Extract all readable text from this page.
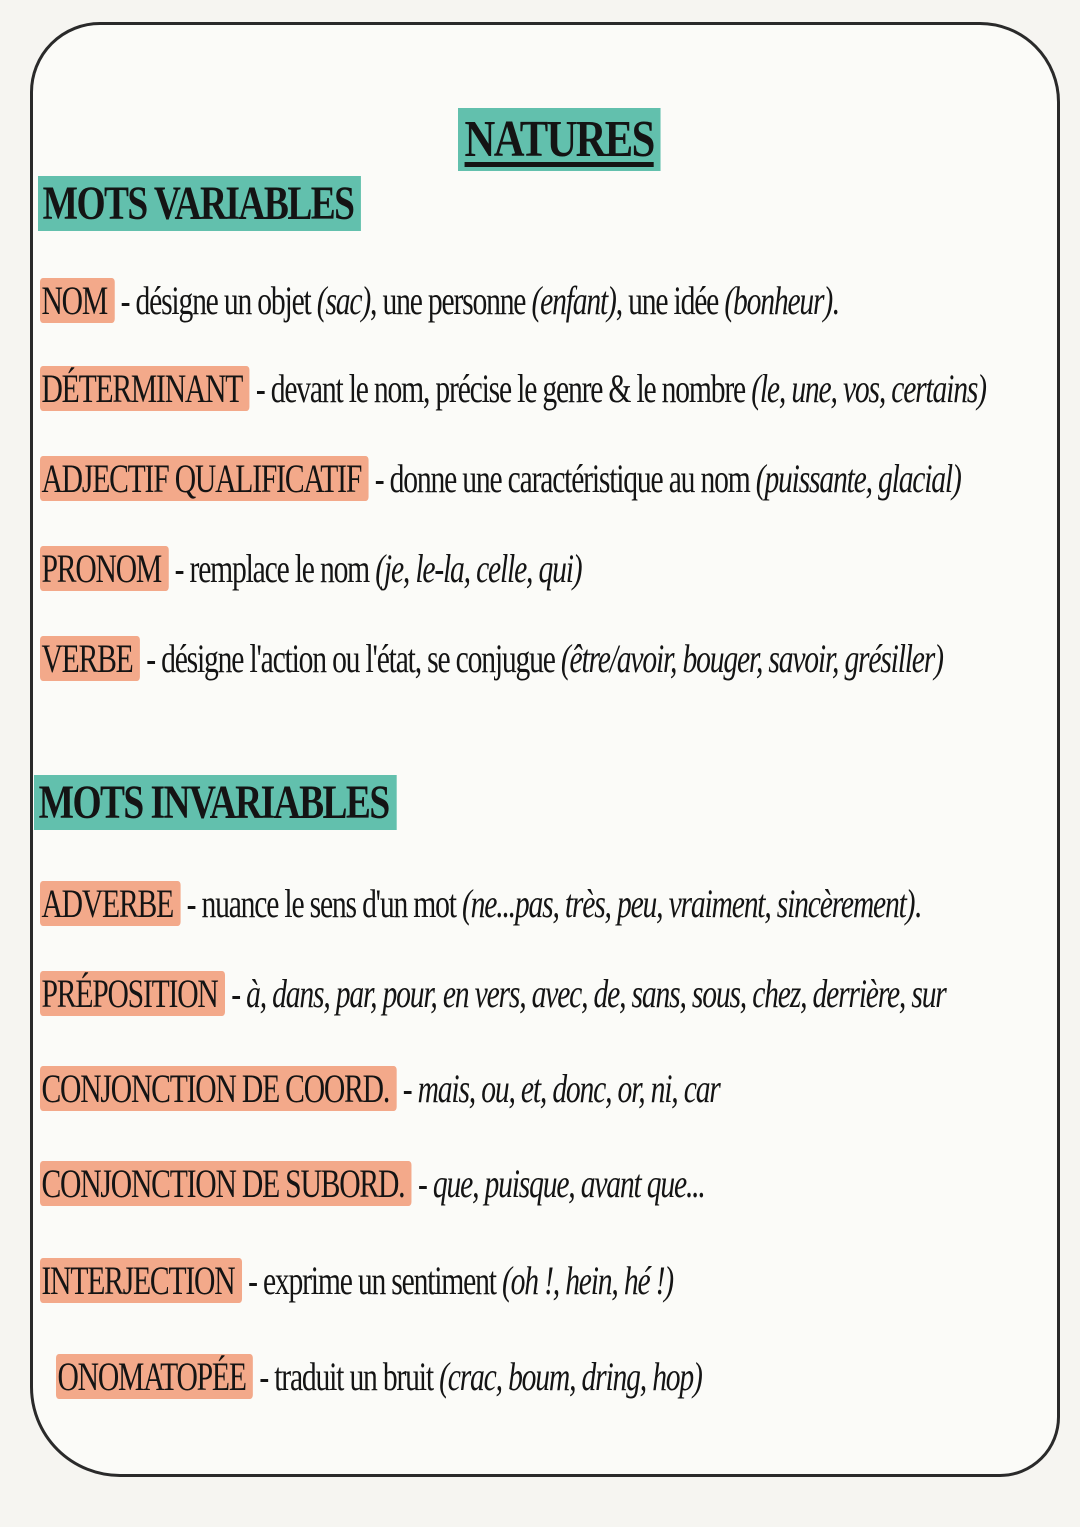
NATURES
MOTS VARIABLES
NOM - désigne un objet (sac), une personne (enfant), une idée (bonheur).
DÉTERMINANT - devant le nom, précise le genre & le nombre (le, une, vos, certains)
ADJECTIF QUALIFICATIF - donne une caractéristique au nom (puissante, glacial)
PRONOM - remplace le nom (je, le-la, celle, qui)
VERBE - désigne l'action ou l'état, se conjugue (être/avoir, bouger, savoir, grésiller)
MOTS INVARIABLES
ADVERBE - nuance le sens d'un mot (ne...pas, très, peu, vraiment, sincèrement).
PRÉPOSITION - à, dans, par, pour, en vers, avec, de, sans, sous, chez, derrière, sur
CONJONCTION DE COORD. - mais, ou, et, donc, or, ni, car
CONJONCTION DE SUBORD. - que, puisque, avant que...
INTERJECTION - exprime un sentiment (oh !, hein, hé !)
ONOMATOPÉE - traduit un bruit (crac, boum, dring, hop)
